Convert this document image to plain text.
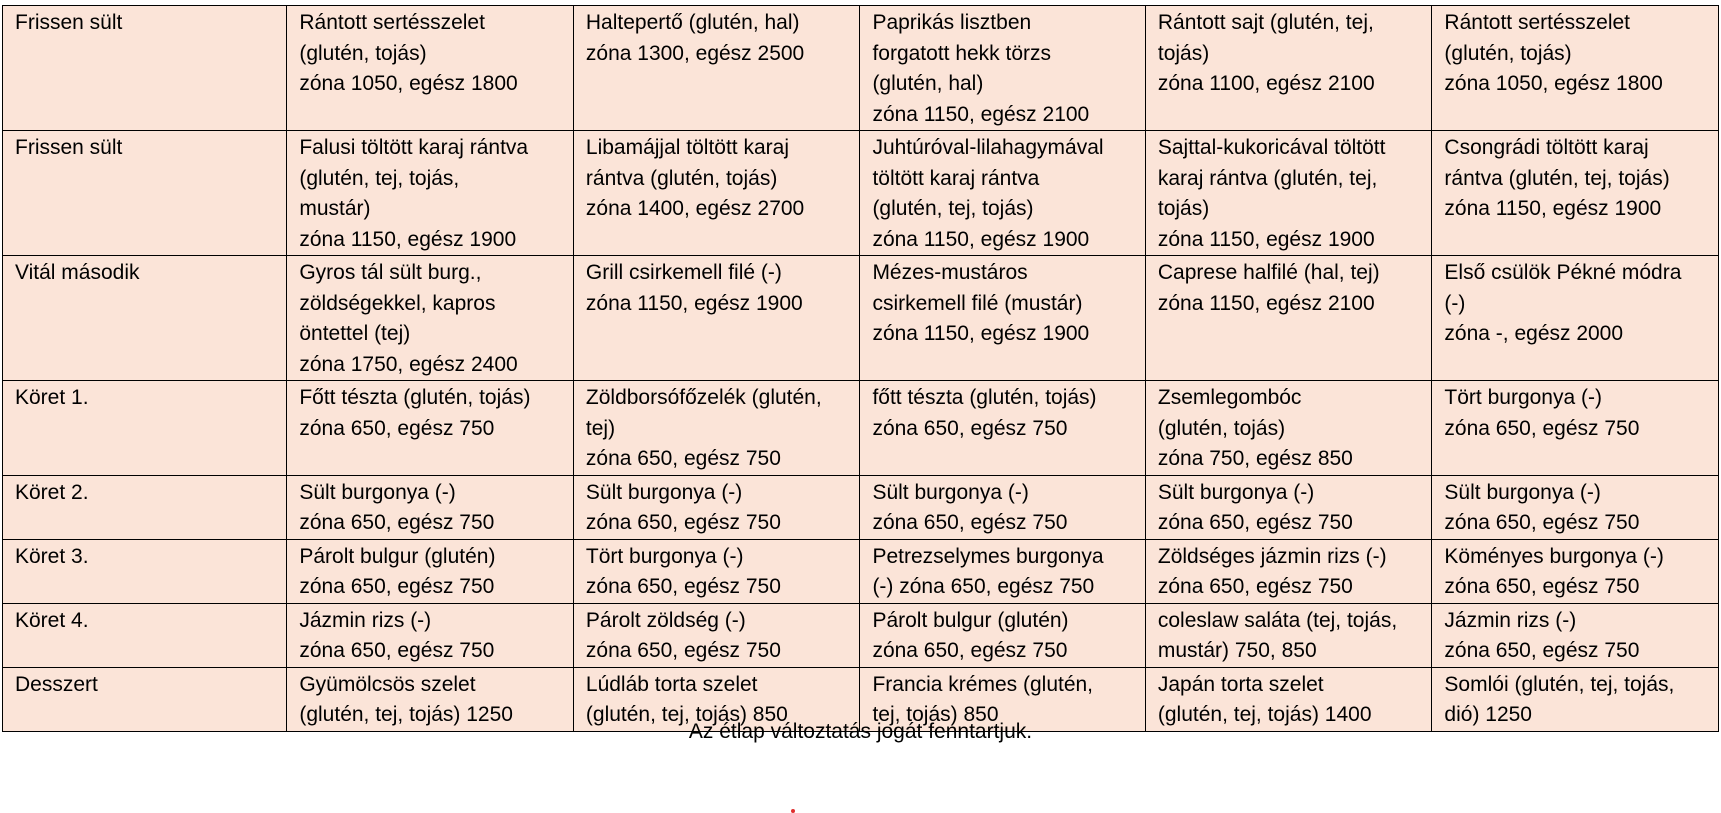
Frissen sült	Rántott sertésszelet
(glutén, tojás)
zóna 1050, egész 1800	Haltepertő (glutén, hal)
zóna 1300, egész 2500	Paprikás lisztben
forgatott hekk törzs
(glutén, hal)
zóna 1150, egész 2100	Rántott sajt (glutén, tej,
tojás)
zóna 1100, egész 2100	Rántott sertésszelet
(glutén, tojás)
zóna 1050, egész 1800
Frissen sült	Falusi töltött karaj rántva
(glutén, tej, tojás,
mustár)
zóna 1150, egész 1900	Libamájjal töltött karaj
rántva (glutén, tojás)
zóna 1400, egész 2700	Juhtúróval-lilahagymával
töltött karaj rántva
(glutén, tej, tojás)
zóna 1150, egész 1900	Sajttal-kukoricával töltött
karaj rántva (glutén, tej,
tojás)
zóna 1150, egész 1900	Csongrádi töltött karaj
rántva (glutén, tej, tojás)
zóna 1150, egész 1900
Vitál második	Gyros tál sült burg.,
zöldségekkel, kapros
öntettel (tej)
zóna 1750, egész 2400	Grill csirkemell filé (-)
zóna 1150, egész 1900	Mézes-mustáros
csirkemell filé (mustár)
zóna 1150, egész 1900	Caprese halfilé (hal, tej)
zóna 1150, egész 2100	Első csülök Pékné módra
(-)
zóna -, egész 2000
Köret 1.	Főtt tészta (glutén, tojás)
zóna 650, egész 750	Zöldborsófőzelék (glutén,
tej)
zóna 650, egész 750	főtt tészta (glutén, tojás)
zóna 650, egész 750	Zsemlegombóc
(glutén, tojás)
zóna 750, egész 850	Tört burgonya (-)
zóna 650, egész 750
Köret 2.	Sült burgonya (-)
zóna 650, egész 750	Sült burgonya (-)
zóna 650, egész 750	Sült burgonya (-)
zóna 650, egész 750	Sült burgonya (-)
zóna 650, egész 750	Sült burgonya (-)
zóna 650, egész 750
Köret 3.	Párolt bulgur (glutén)
zóna 650, egész 750	Tört burgonya (-)
zóna 650, egész 750	Petrezselymes burgonya
(-) zóna 650, egész 750	Zöldséges jázmin rizs (-)
zóna 650, egész 750	Köményes burgonya (-)
zóna 650, egész 750
Köret 4.	Jázmin rizs (-)
zóna 650, egész 750	Párolt zöldség (-)
zóna 650, egész 750	Párolt bulgur (glutén)
zóna 650, egész 750	coleslaw saláta (tej, tojás,
mustár) 750, 850	Jázmin rizs (-)
zóna 650, egész 750
Desszert	Gyümölcsös szelet
(glutén, tej, tojás) 1250	Lúdláb torta szelet
(glutén, tej, tojás) 850	Francia krémes (glutén,
tej, tojás) 850	Japán torta szelet
(glutén, tej, tojás) 1400	Somlói (glutén, tej, tojás,
dió) 1250
Az étlap változtatás jogát fenntartjuk.
